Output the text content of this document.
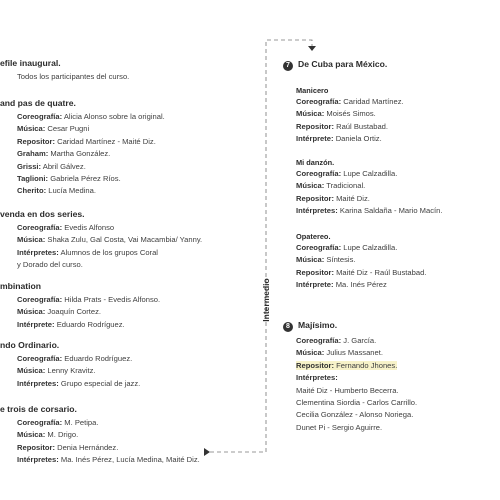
efile inaugural.
Todos los participantes del curso.
and pas de quatre.
Coreografía: Alicia Alonso sobre la original.
Música: Cesar Pugni
Repositor: Caridad Martínez - Maité Diz.
Graham: Martha González.
Grissi: Abril Gálvez.
Taglioni: Gabriela Pérez Ríos.
Cherito: Lucía Medina.
venda en dos series.
Coreografía: Evedis Alfonso
Música: Shaka Zulu, Gal Costa, Vai Macambia/ Yanny.
Intérpretes: Alumnos de los grupos Coral
y Dorado del curso.
mbination
Coreografía: Hilda Prats - Evedis Alfonso.
Música: Joaquín Cortez.
Intérprete: Eduardo Rodríguez.
ndo Ordinario.
Coreografía: Eduardo Rodríguez.
Música: Lenny Kravitz.
Intérpretes: Grupo especial de jazz.
e trois de corsario.
Coreografía: M. Petipa.
Música: M. Drigo.
Repositor: Denia Hernández.
Intérpretes: Ma. Inés Pérez, Lucía Medina, Maité Diz.
Intermedio
7 De Cuba para México.
Manicero
Coreografía: Caridad Martínez.
Música: Moisés Simos.
Repositor: Raúl Bustabad.
Intérprete: Daniela Ortiz.
Mi danzón.
Coreografía: Lupe Calzadilla.
Música: Tradicional.
Repositor: Maité Diz.
Intérpretes: Karina Saldaña - Mario Macín.
Opatereo.
Coreografía: Lupe Calzadilla.
Música: Síntesis.
Repositor: Maité Diz - Raúl Bustabad.
Intérprete: Ma. Inés Pérez
8 Majísimo.
Coreografía: J. García.
Música: Julius Massanet.
Repositor: Fernando Jhones.
Intérpretes:
Maité Diz - Humberto Becerra.
Clementina Siordia - Carlos Carrillo.
Cecilia González - Alonso Noriega.
Dunet Pi - Sergio Aguirre.
